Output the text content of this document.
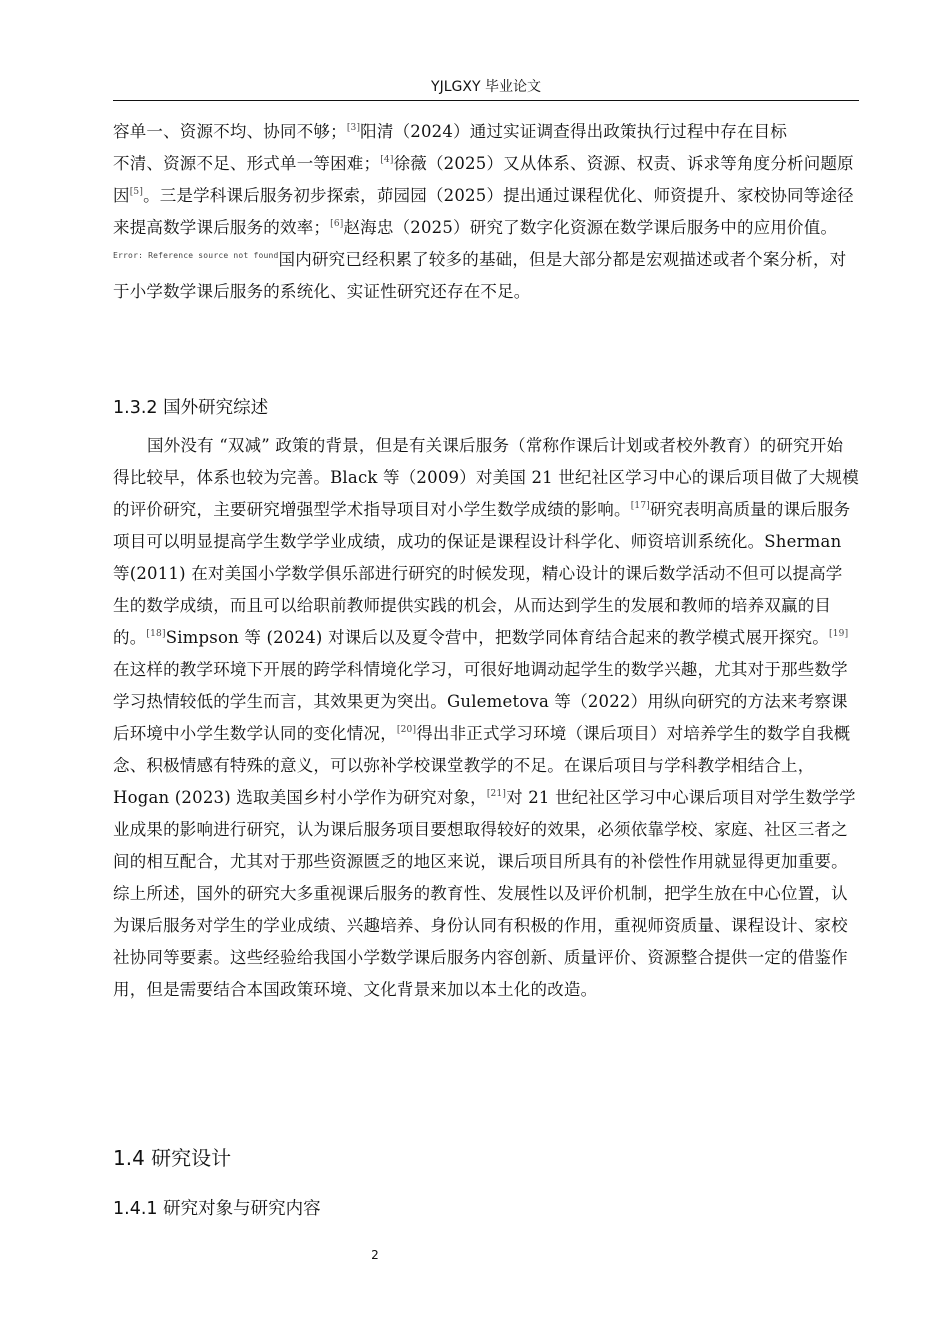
YJLGXY 毕业论文

容单一、资源不均、协同不够；[3]阳清（2024）通过实证调查得出政策执行过程中存在目标

不清、资源不足、形式单一等困难；[4]徐薇（2025）又从体系、资源、权责、诉求等角度分析问题原因[5]。三是学科课后服务初步探索，茆园园（2025）提出通过课程优化、师资提升、家校协同等途径来提高数学课后服务的效率；[6]赵海忠（2025）研究了数字化资源在数学课后服务中的应用价值。$^{Error: Reference source not found}$国内研究已经积累了较多的基础，但是大部分都是宏观描述或者个案分析，对于小学数学课后服务的系统化、实证性研究还存在不足。

1.3.2 国外研究综述

国外没有 “双减” 政策的背景，但是有关课后服务（常称作课后计划或者校外教育）的研究开始得比较早，体系也较为完善。Black 等（2009）对美国 21 世纪社区学习中心的课后项目做了大规模的评价研究，主要研究增强型学术指导项目对小学生数学成绩的影响。[17]研究表明高质量的课后服务项目可以明显提高学生数学学业成绩，成功的保证是课程设计科学化、师资培训系统化。Sherman 等(2011) 在对美国小学数学俱乐部进行研究的时候发现，精心设计的课后数学活动不但可以提高学生的数学成绩，而且可以给职前教师提供实践的机会，从而达到学生的发展和教师的培养双赢的目的。[18]Simpson 等 (2024) 对课后以及夏令营中，把数学同体育结合起来的教学模式展开探究。[19]在这样的教学环境下开展的跨学科情境化学习，可很好地调动起学生的数学兴趣，尤其对于那些数学学习热情较低的学生而言，其效果更为突出。Gulemetova 等（2022）用纵向研究的方法来考察课后环境中小学生数学认同的变化情况，[20]得出非正式学习环境（课后项目）对培养学生的数学自我概念、积极情感有特殊的意义，可以弥补学校课堂教学的不足。在课后项目与学科教学相结合上，Hogan (2023) 选取美国乡村小学作为研究对象，[21]对 21 世纪社区学习中心课后项目对学生数学学业成果的影响进行研究，认为课后服务项目要想取得较好的效果，必须依靠学校、家庭、社区三者之间的相互配合，尤其对于那些资源匮乏的地区来说，课后项目所具有的补偿性作用就显得更加重要。综上所述，国外的研究大多重视课后服务的教育性、发展性以及评价机制，把学生放在中心位置，认为课后服务对学生的学业成绩、兴趣培养、身份认同有积极的作用，重视师资质量、课程设计、家校社协同等要素。这些经验给我国小学数学课后服务内容创新、质量评价、资源整合提供一定的借鉴作用，但是需要结合本国政策环境、文化背景来加以本土化的改造。

1.4 研究设计
1.4.1 研究对象与研究内容
2
